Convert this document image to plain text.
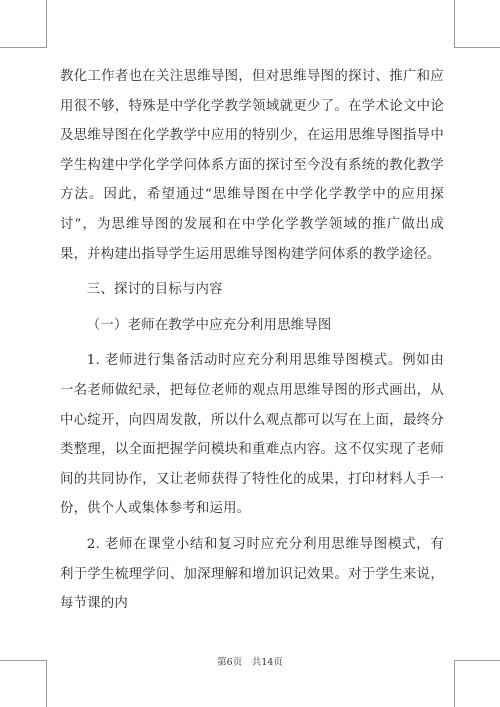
教化工作者也在关注思维导图，但对思维导图的探讨、推广和应用很不够，特殊是中学化学教学领域就更少了。在学术论文中论及思维导图在化学教学中应用的特别少，在运用思维导图指导中学生构建中学化学学问体系方面的探讨至今没有系统的教化教学方法。因此，希望通过“思维导图在中学化学教学中的应用探讨”，为思维导图的发展和在中学化学教学领域的推广做出成果，并构建出指导学生运用思维导图构建学问体系的教学途径。

三、探讨的目标与内容

（一）老师在教学中应充分利用思维导图

1. 老师进行集备活动时应充分利用思维导图模式。例如由一名老师做纪录，把每位老师的观点用思维导图的形式画出，从中心绽开，向四周发散，所以什么观点都可以写在上面，最终分类整理，以全面把握学问模块和重难点内容。这不仅实现了老师间的共同协作，又让老师获得了特性化的成果，打印材料人手一份，供个人或集体参考和运用。

2. 老师在课堂小结和复习时应充分利用思维导图模式，有利于学生梳理学问、加深理解和增加识记效果。对于学生来说，每节课的内

第6页　共14页
